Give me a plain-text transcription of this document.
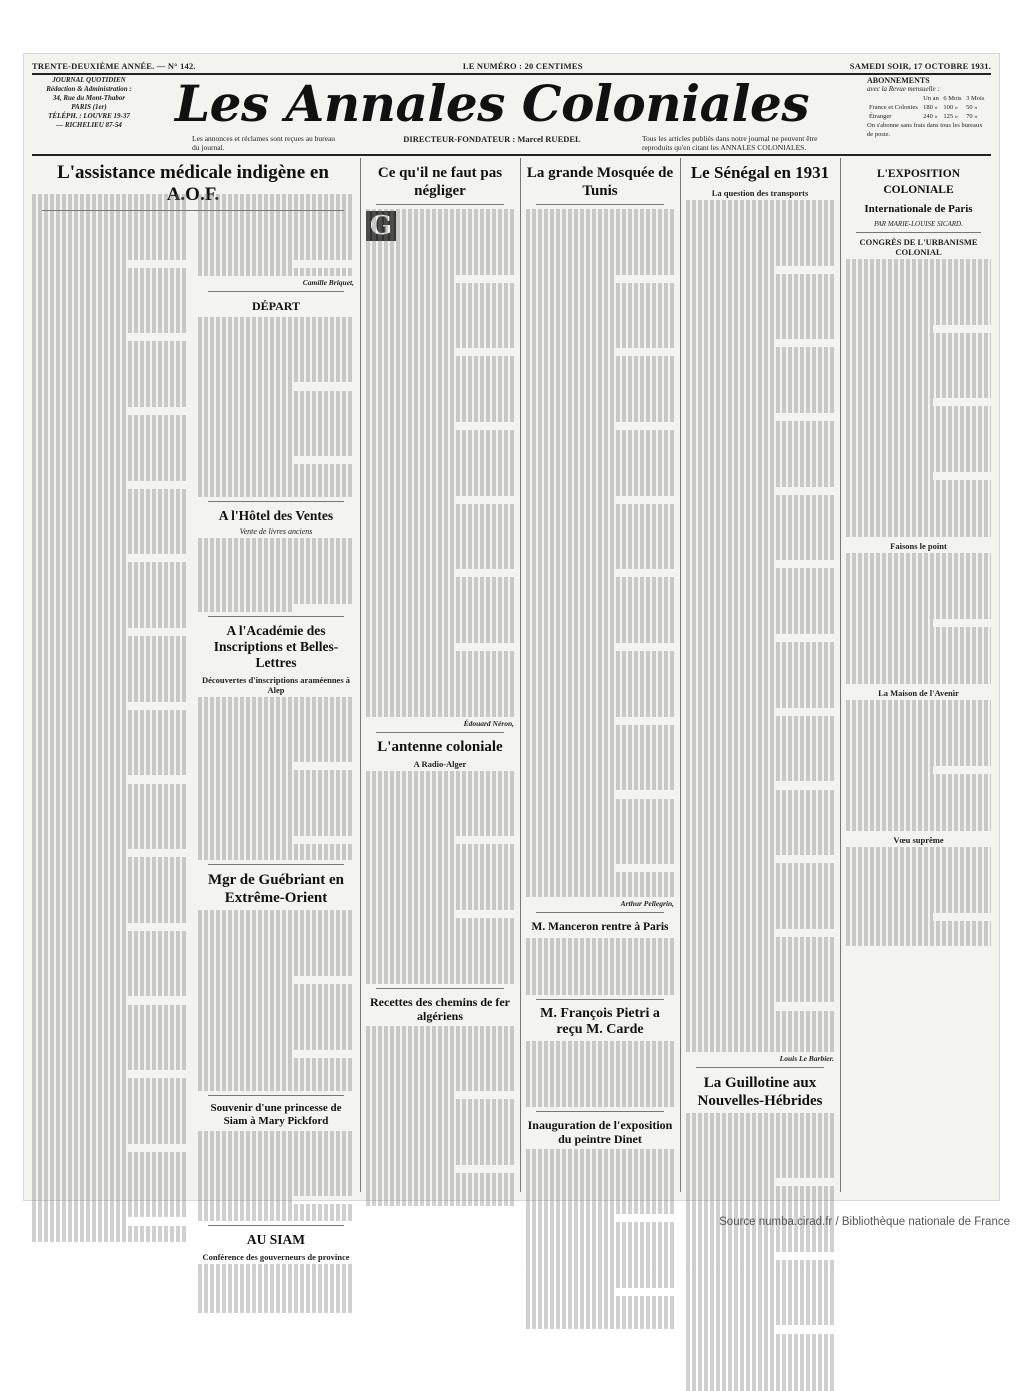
TRENTE-DEUXIÈME ANNÉE. — N° 142.	LE NUMÉRO : 20 CENTIMES	SAMEDI SOIR, 17 OCTOBRE 1931.
JOURNAL QUOTIDIEN
Rédaction & Administration :
34, Rue du Mont-Thabor
PARIS (1er)
TÉLÉPH. : LOUVRE 19-37
— RICHELIEU 87-54	Les Annales Coloniales
Les annonces et réclames sont reçues au bureau du journal.
DIRECTEUR-FONDATEUR : Marcel RUEDEL	Tous les articles publiés dans notre journal ne peuvent être reproduits qu'en citant les ANNALES COLONIALES.
ABONNEMENTS
avec la Revue mensuelle :
	Un an	6 Mois	3 Mois
France et Colonies	180 »	100 »	50 »
Étranger	240 »	125 »	70 »
On s'abonne sans frais dans tous les bureaux de poste.
L'assistance médicale indigène en A.O.F.
Camille Briquet,
DÉPART
A l'Hôtel des Ventes
Vente de livres anciens
A l'Académie des Inscriptions et Belles-Lettres
Découvertes d'inscriptions araméennes à Alep
Mgr de Guébriant en Extrême-Orient
Souvenir d'une princesse de Siam à Mary Pickford
AU SIAM
Conférence des gouverneurs de province
Ce qu'il ne faut pas négliger
G
Édouard Néron,
L'antenne coloniale
A Radio-Alger
Recettes des chemins de fer algériens
La grande Mosquée de Tunis
Arthur Pellegrin,
M. Manceron rentre à Paris
M. François Pietri a reçu M. Carde
Inauguration de l'exposition du peintre Dinet
Le Sénégal en 1931
La question des transports
Louis Le Barbier.
La Guillotine aux Nouvelles-Hébrides
L'EXPOSITION COLONIALE
Internationale de Paris
PAR MARIE-LOUISE SICARD.
CONGRÈS DE L'URBANISME COLONIAL
Faisons le point
La Maison de l'Avenir
Vœu suprême
Source numba.cirad.fr / Bibliothèque nationale de France
